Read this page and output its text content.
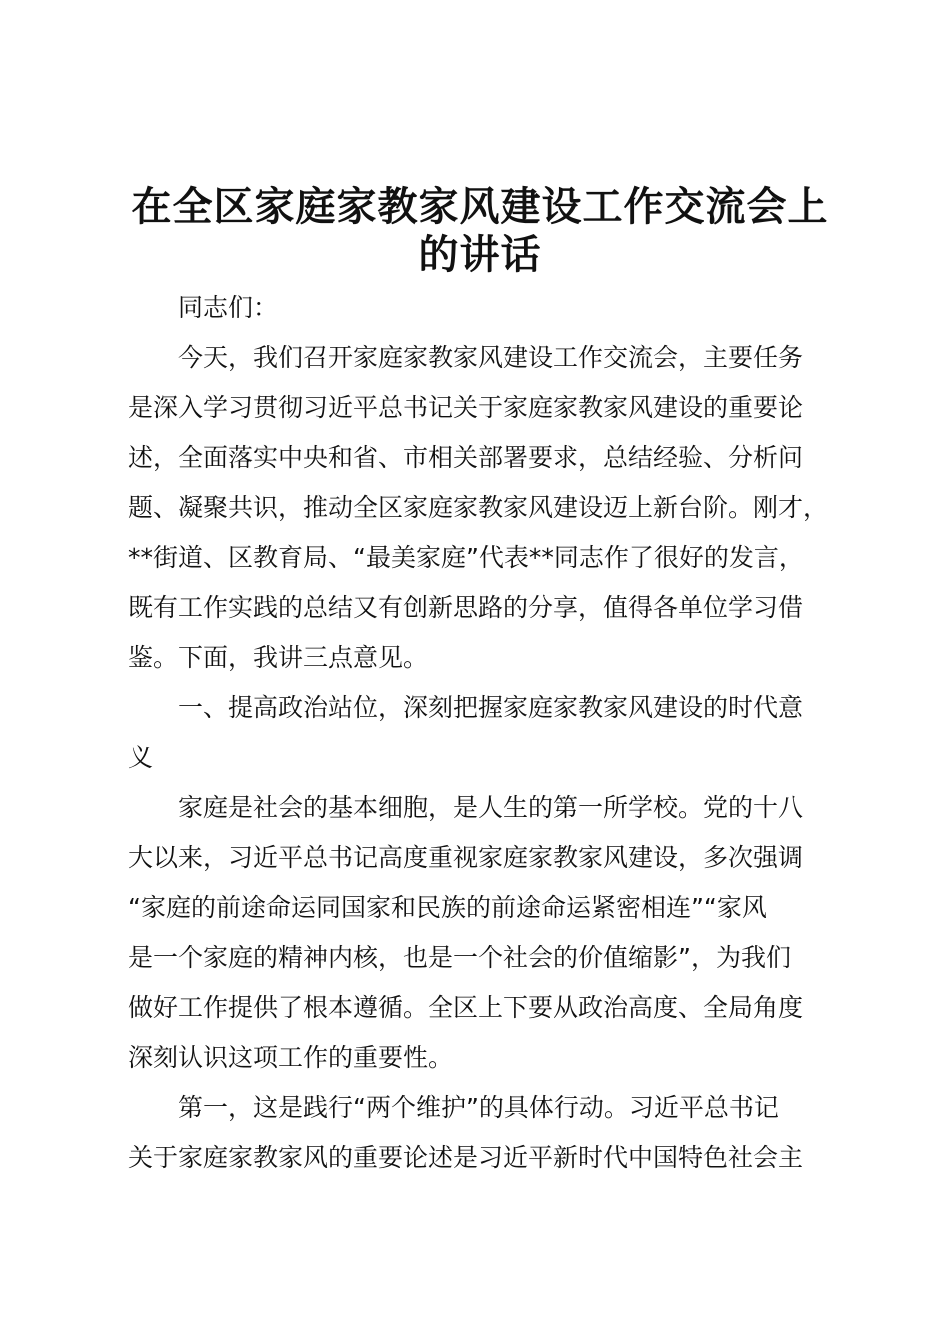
在全区家庭家教家风建设工作交流会上
的讲话
同志们：
今天，我们召开家庭家教家风建设工作交流会，主要任务
是深入学习贯彻习近平总书记关于家庭家教家风建设的重要论
述，全面落实中央和省、市相关部署要求，总结经验、分析问
题、凝聚共识，推动全区家庭家教家风建设迈上新台阶。刚才，
**街道、区教育局、“最美家庭”代表**同志作了很好的发言，
既有工作实践的总结又有创新思路的分享，值得各单位学习借
鉴。下面，我讲三点意见。
一、提高政治站位，深刻把握家庭家教家风建设的时代意
义
家庭是社会的基本细胞，是人生的第一所学校。党的十八
大以来，习近平总书记高度重视家庭家教家风建设，多次强调
“家庭的前途命运同国家和民族的前途命运紧密相连”“家风
是一个家庭的精神内核，也是一个社会的价值缩影”，为我们
做好工作提供了根本遵循。全区上下要从政治高度、全局角度
深刻认识这项工作的重要性。
第一，这是践行“两个维护”的具体行动。习近平总书记
关于家庭家教家风的重要论述是习近平新时代中国特色社会主
